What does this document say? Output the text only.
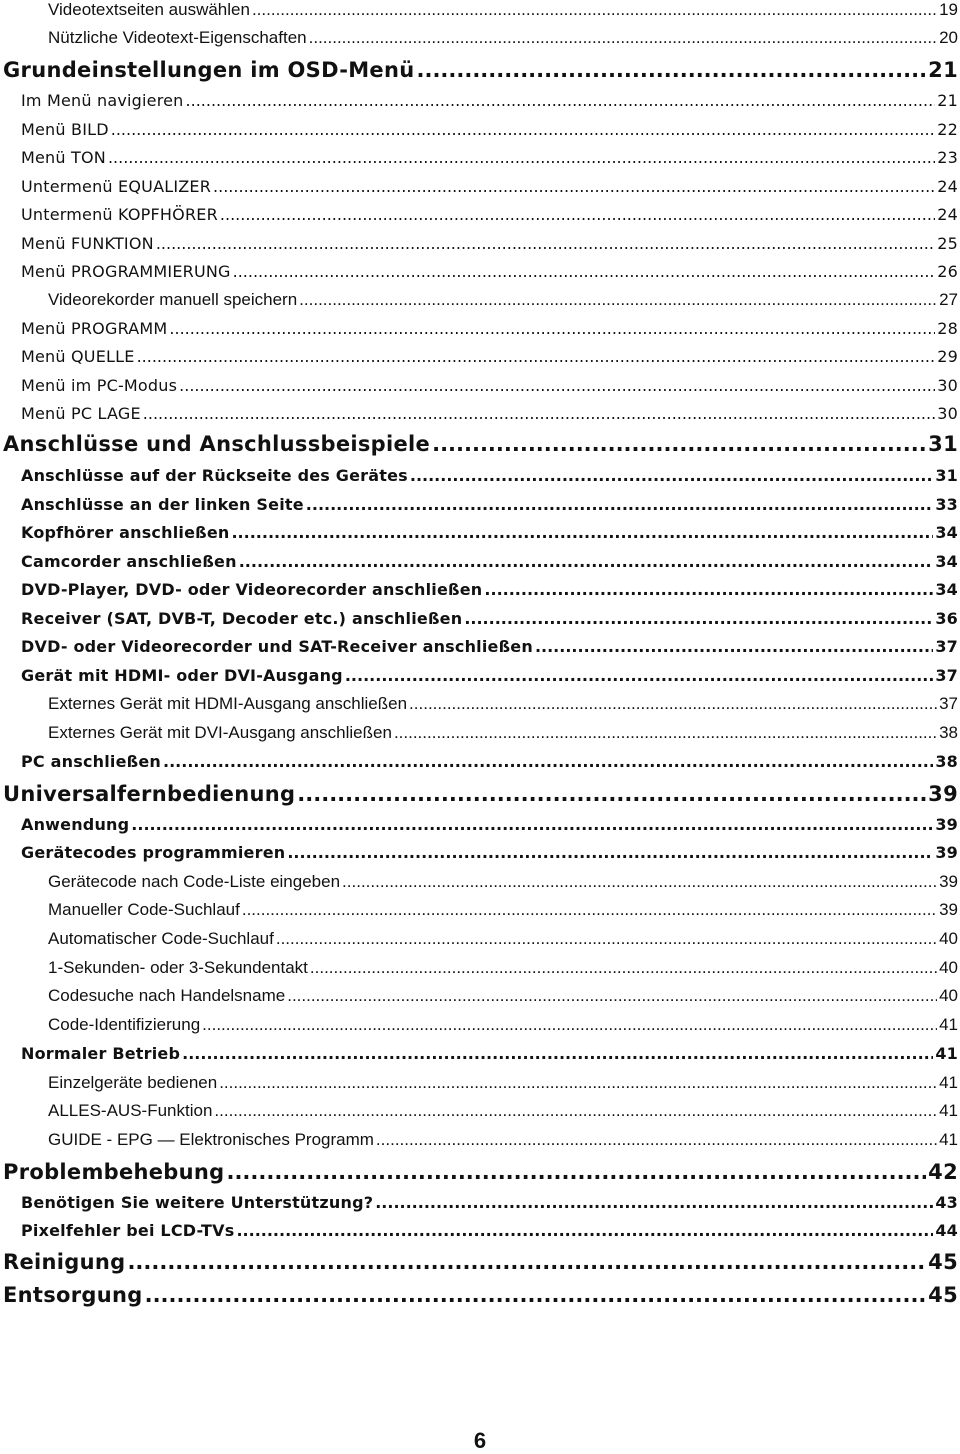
Videotextseiten auswählen .....	19
Nützliche Videotext-Eigenschaften .....	20
Grundeinstellungen im OSD-Menü .....	21
Im Menü navigieren .....	21
Menü BILD .....	22
Menü TON .....	23
Untermenü EQUALIZER .....	24
Untermenü KOPFHÖRER .....	24
Menü FUNKTION .....	25
Menü PROGRAMMIERUNG .....	26
Videorekorder manuell speichern .....	27
Menü PROGRAMM .....	28
Menü QUELLE .....	29
Menü im PC-Modus .....	30
Menü PC LAGE .....	30
Anschlüsse und Anschlussbeispiele .....	31
Anschlüsse auf der Rückseite des Gerätes .....	31
Anschlüsse an der linken Seite .....	33
Kopfhörer anschließen .....	34
Camcorder anschließen .....	34
DVD-Player, DVD- oder Videorecorder anschließen .....	34
Receiver (SAT, DVB-T, Decoder etc.) anschließen .....	36
DVD- oder Videorecorder und SAT-Receiver anschließen .....	37
Gerät mit HDMI- oder DVI-Ausgang .....	37
Externes Gerät mit HDMI-Ausgang anschließen .....	37
Externes Gerät mit DVI-Ausgang anschließen .....	38
PC anschließen .....	38
Universalfernbedienung .....	39
Anwendung .....	39
Gerätecodes programmieren .....	39
Gerätecode nach Code-Liste eingeben .....	39
Manueller Code-Suchlauf .....	39
Automatischer Code-Suchlauf .....	40
1-Sekunden- oder 3-Sekundentakt .....	40
Codesuche nach Handelsname .....	40
Code-Identifizierung .....	41
Normaler Betrieb .....	41
Einzelgeräte bedienen .....	41
ALLES-AUS-Funktion .....	41
GUIDE - EPG — Elektronisches Programm .....	41
Problembehebung .....	42
Benötigen Sie weitere Unterstützung? .....	43
Pixelfehler bei LCD-TVs .....	44
Reinigung .....	45
Entsorgung .....	45
6
